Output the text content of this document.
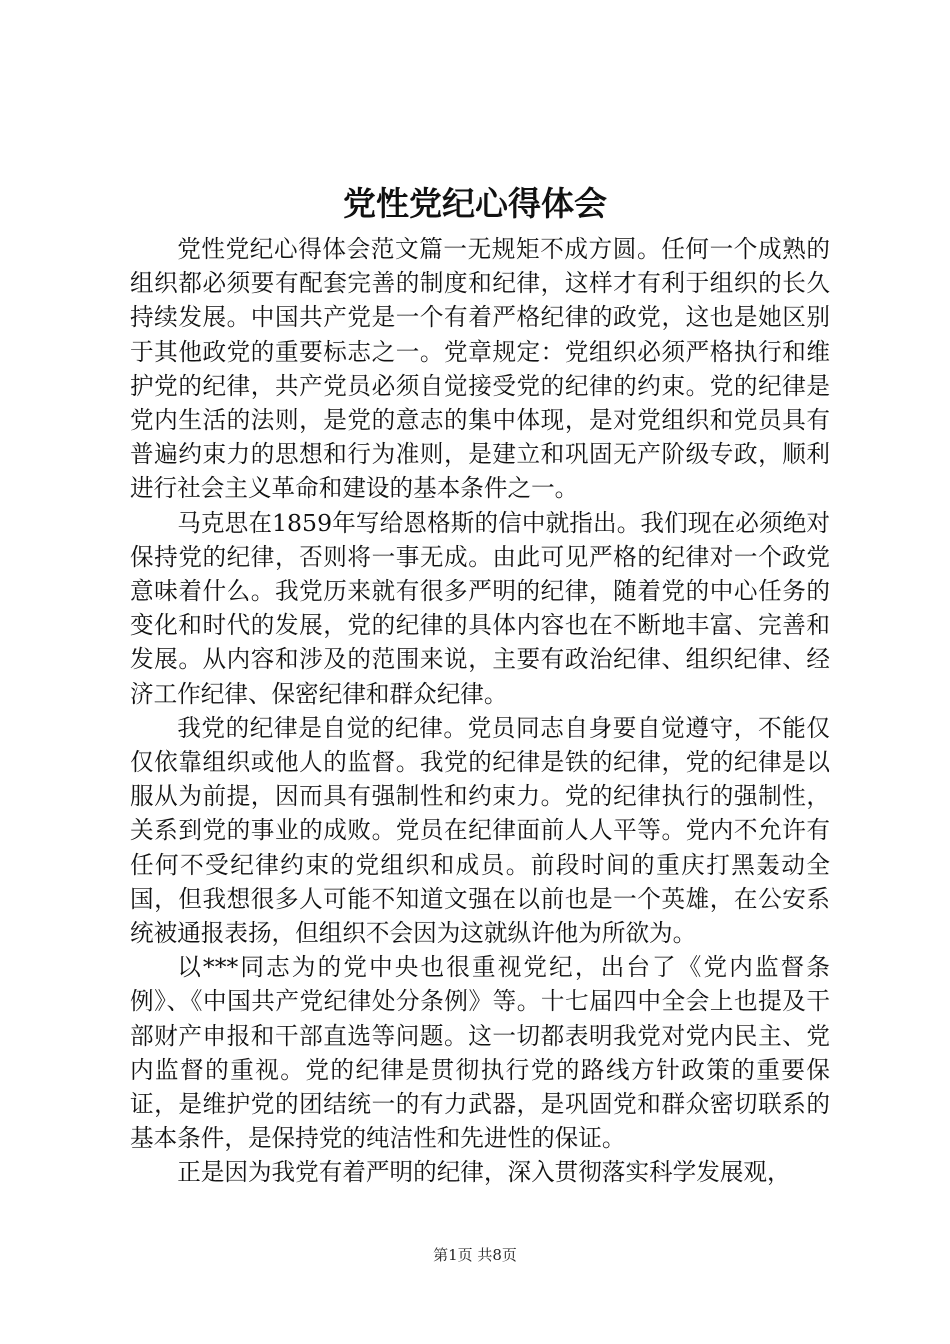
党性党纪心得体会

党性党纪心得体会范文篇一无规矩不成方圆。任何一个成熟的组织都必须要有配套完善的制度和纪律，这样才有利于组织的长久持续发展。中国共产党是一个有着严格纪律的政党，这也是她区别于其他政党的重要标志之一。党章规定：党组织必须严格执行和维护党的纪律，共产党员必须自觉接受党的纪律的约束。党的纪律是党内生活的法则，是党的意志的集中体现，是对党组织和党员具有普遍约束力的思想和行为准则，是建立和巩固无产阶级专政，顺利进行社会主义革命和建设的基本条件之一。

马克思在1859年写给恩格斯的信中就指出。我们现在必须绝对保持党的纪律，否则将一事无成。由此可见严格的纪律对一个政党意味着什么。我党历来就有很多严明的纪律，随着党的中心任务的变化和时代的发展，党的纪律的具体内容也在不断地丰富、完善和发展。从内容和涉及的范围来说，主要有政治纪律、组织纪律、经济工作纪律、保密纪律和群众纪律。

我党的纪律是自觉的纪律。党员同志自身要自觉遵守，不能仅仅依靠组织或他人的监督。我党的纪律是铁的纪律，党的纪律是以服从为前提，因而具有强制性和约束力。党的纪律执行的强制性，关系到党的事业的成败。党员在纪律面前人人平等。党内不允许有任何不受纪律约束的党组织和成员。前段时间的重庆打黑轰动全国，但我想很多人可能不知道文强在以前也是一个英雄，在公安系统被通报表扬，但组织不会因为这就纵许他为所欲为。

以***同志为的党中央也很重视党纪，出台了《党内监督条例》、《中国共产党纪律处分条例》等。十七届四中全会上也提及干部财产申报和干部直选等问题。这一切都表明我党对党内民主、党内监督的重视。党的纪律是贯彻执行党的路线方针政策的重要保证，是维护党的团结统一的有力武器，是巩固党和群众密切联系的基本条件，是保持党的纯洁性和先进性的保证。

正是因为我党有着严明的纪律，深入贯彻落实科学发展观，

第1页 共8页
